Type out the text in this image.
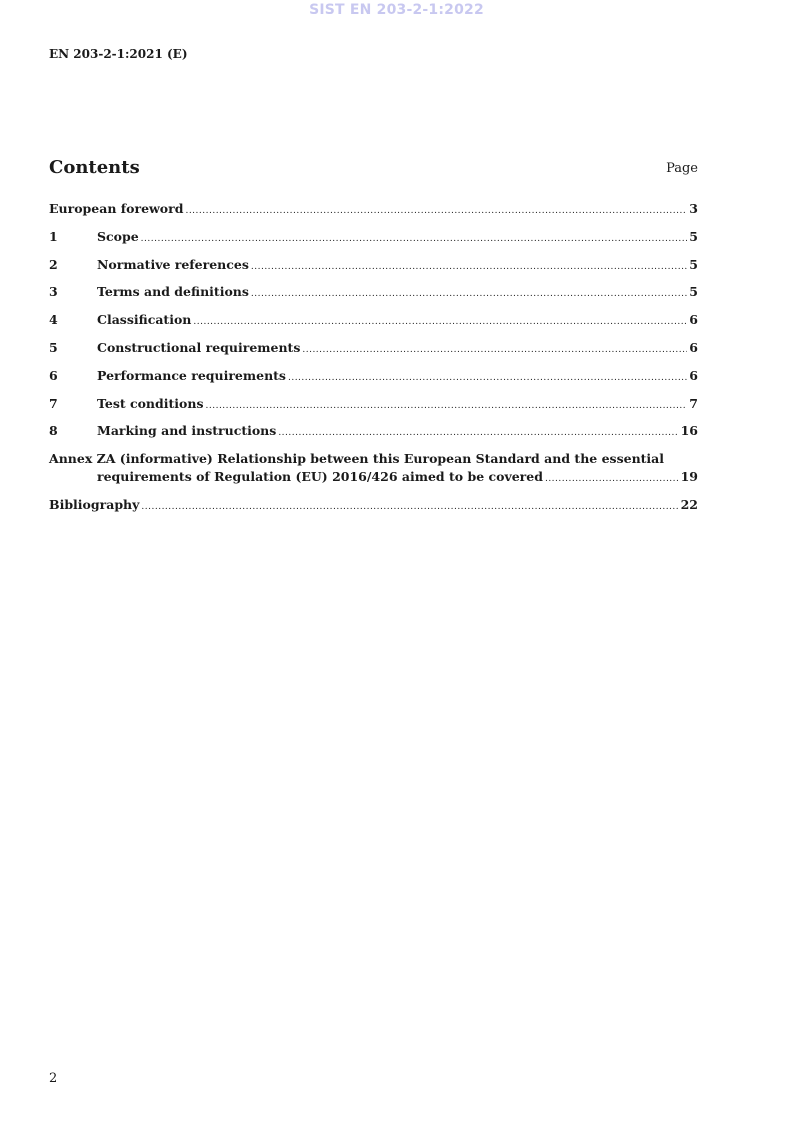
SIST EN 203-2-1:2022
EN 203-2-1:2021 (E)
Contents	Page
European foreword .....	3
1	Scope .....	5
2	Normative references .....	5
3	Terms and definitions .....	5
4	Classification .....	6
5	Constructional requirements .....	6
6	Performance requirements .....	6
7	Test conditions .....	7
8	Marking and instructions .....	16
Annex ZA (informative) Relationship between this European Standard and the essential
requirements of Regulation (EU) 2016/426 aimed to be covered .....	19
Bibliography .....	22
2
